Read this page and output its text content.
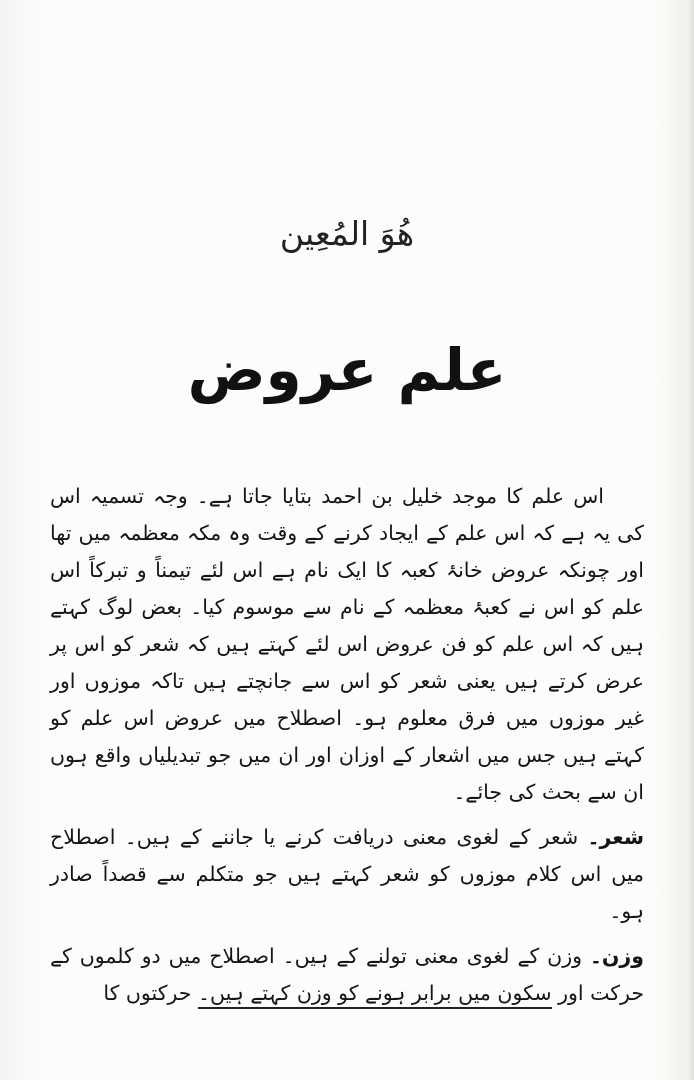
هُوَ المُعِین
علم عروض

اس علم کا موجد خلیل بن احمد بتایا جاتا ہے۔ وجہ تسمیہ اس کی یہ ہے کہ اس علم کے ایجاد کرنے کے وقت وہ مکہ معظمہ میں تھا اور چونکہ عروض خانۂ کعبہ کا ایک نام ہے اس لئے تیمناً و تبرکاً اس علم کو اس نے کعبۂ معظمہ کے نام سے موسوم کیا۔ بعض لوگ کہتے ہیں کہ اس علم کو فن عروض اس لئے کہتے ہیں کہ شعر کو اس پر عرض کرتے ہیں یعنی شعر کو اس سے جانچتے ہیں تاکہ موزوں اور غیر موزوں میں فرق معلوم ہو۔ اصطلاح میں عروض اس علم کو کہتے ہیں جس میں اشعار کے اوزان اور ان میں جو تبدیلیاں واقع ہوں ان سے بحث کی جائے۔

شعر۔ شعر کے لغوی معنی دریافت کرنے یا جاننے کے ہیں۔ اصطلاح میں اس کلام موزوں کو شعر کہتے ہیں جو متکلم سے قصداً صادر ہو۔

وزن۔ وزن کے لغوی معنی تولنے کے ہیں۔ اصطلاح میں دو کلموں کے حرکت اور سکون میں برابر ہونے کو وزن کہتے ہیں۔ حرکتوں کا
